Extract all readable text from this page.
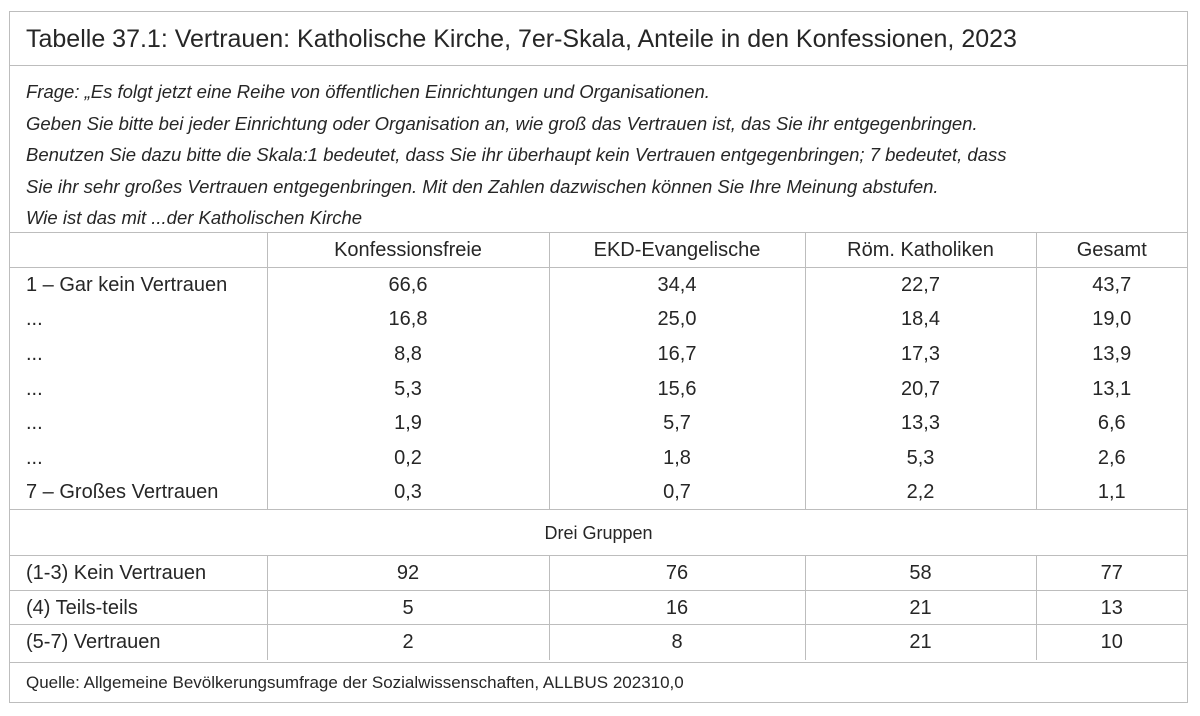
Tabelle 37.1: Vertrauen: Katholische Kirche, 7er-Skala, Anteile in den Konfessionen, 2023
Frage: „Es folgt jetzt eine Reihe von öffentlichen Einrichtungen und Organisationen.
Geben Sie bitte bei jeder Einrichtung oder Organisation an, wie groß das Vertrauen ist, das Sie ihr entgegenbringen.
Benutzen Sie dazu bitte die Skala:1 bedeutet, dass Sie ihr überhaupt kein Vertrauen entgegenbringen; 7 bedeutet, dass
Sie ihr sehr großes Vertrauen entgegenbringen. Mit den Zahlen dazwischen können Sie Ihre Meinung abstufen.
Wie ist das mit ...der Katholischen Kirche
	Konfessionsfreie	EKD-Evangelische	Röm. Katholiken	Gesamt
1 – Gar kein Vertrauen	66,6	34,4	22,7	43,7
...	16,8	25,0	18,4	19,0
...	8,8	16,7	17,3	13,9
...	5,3	15,6	20,7	13,1
...	1,9	5,7	13,3	6,6
...	0,2	1,8	5,3	2,6
7 – Großes Vertrauen	0,3	0,7	2,2	1,1
Drei Gruppen				
(1-3) Kein Vertrauen	92	76	58	77
(4) Teils-teils	5	16	21	13
(5-7) Vertrauen	2	8	21	10
Quelle: Allgemeine Bevölkerungsumfrage der Sozialwissenschaften, ALLBUS 202310,0
